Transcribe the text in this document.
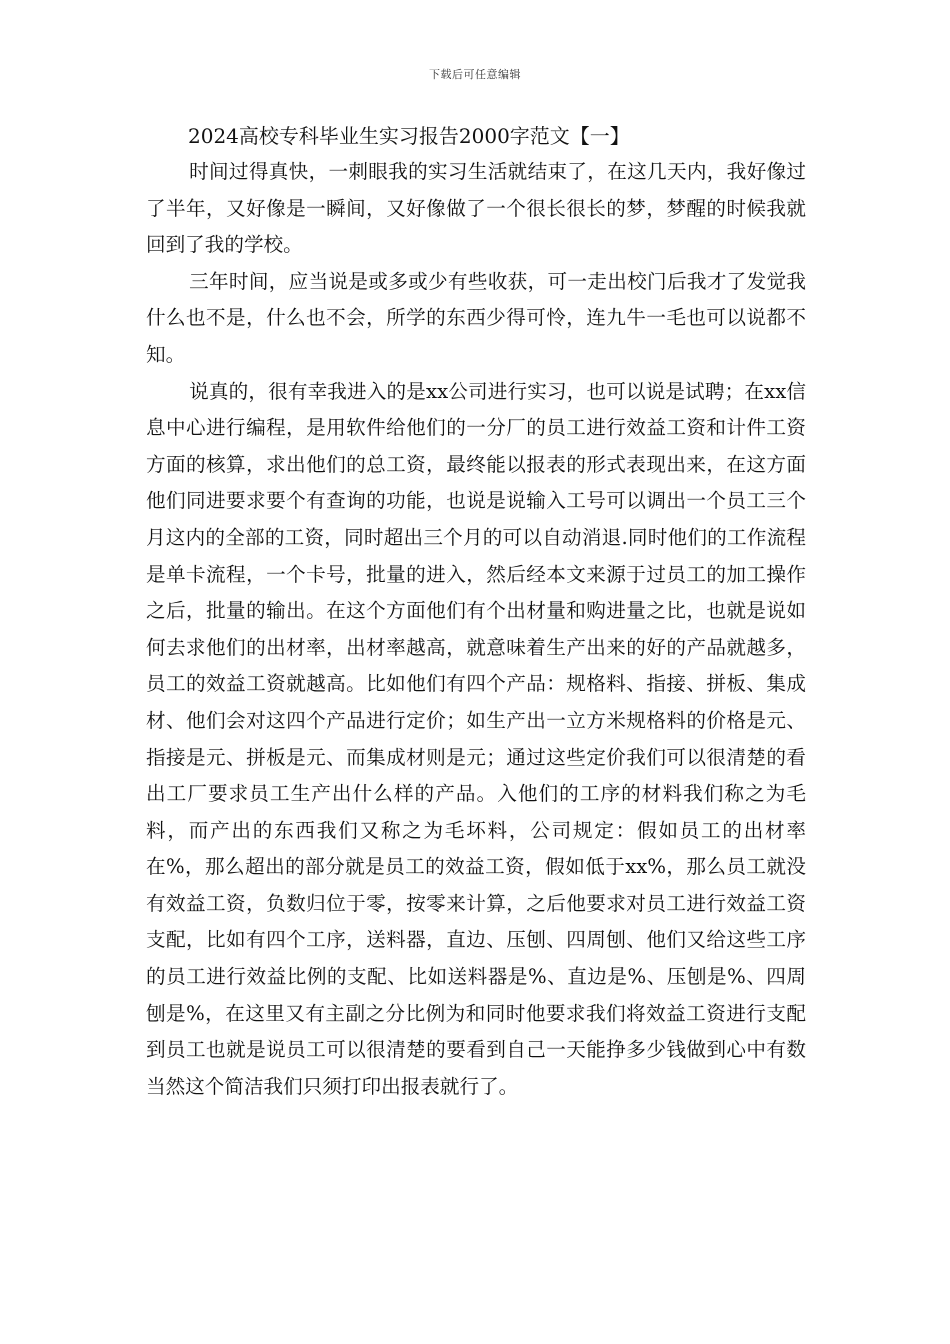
下载后可任意编辑
2024高校专科毕业生实习报告2000字范文【一】

时间过得真快，一刺眼我的实习生活就结束了，在这几天内，我好像过了半年，又好像是一瞬间，又好像做了一个很长很长的梦，梦醒的时候我就回到了我的学校。

三年时间，应当说是或多或少有些收获，可一走出校门后我才了发觉我什么也不是，什么也不会，所学的东西少得可怜，连九牛一毛也可以说都不知。

说真的，很有幸我进入的是xx公司进行实习，也可以说是试聘；在xx信息中心进行编程，是用软件给他们的一分厂的员工进行效益工资和计件工资方面的核算，求出他们的总工资，最终能以报表的形式表现出来，在这方面他们同进要求要个有查询的功能，也说是说输入工号可以调出一个员工三个月这内的全部的工资，同时超出三个月的可以自动消退.同时他们的工作流程是单卡流程，一个卡号，批量的进入，然后经本文来源于过员工的加工操作之后，批量的输出。在这个方面他们有个出材量和购进量之比，也就是说如何去求他们的出材率，出材率越高，就意味着生产出来的好的产品就越多，员工的效益工资就越高。比如他们有四个产品：规格料、指接、拼板、集成材、他们会对这四个产品进行定价；如生产出一立方米规格料的价格是元、指接是元、拼板是元、而集成材则是元；通过这些定价我们可以很清楚的看出工厂要求员工生产出什么样的产品。入他们的工序的材料我们称之为毛料，而产出的东西我们又称之为毛坏料，公司规定：假如员工的出材率在%，那么超出的部分就是员工的效益工资，假如低于xx%，那么员工就没有效益工资，负数归位于零，按零来计算，之后他要求对员工进行效益工资支配，比如有四个工序，送料器，直边、压刨、四周刨、他们又给这些工序的员工进行效益比例的支配、比如送料器是%、直边是%、压刨是%、四周刨是%，在这里又有主副之分比例为和同时他要求我们将效益工资进行支配到员工也就是说员工可以很清楚的要看到自己一天能挣多少钱做到心中有数当然这个简洁我们只须打印出报表就行了。
